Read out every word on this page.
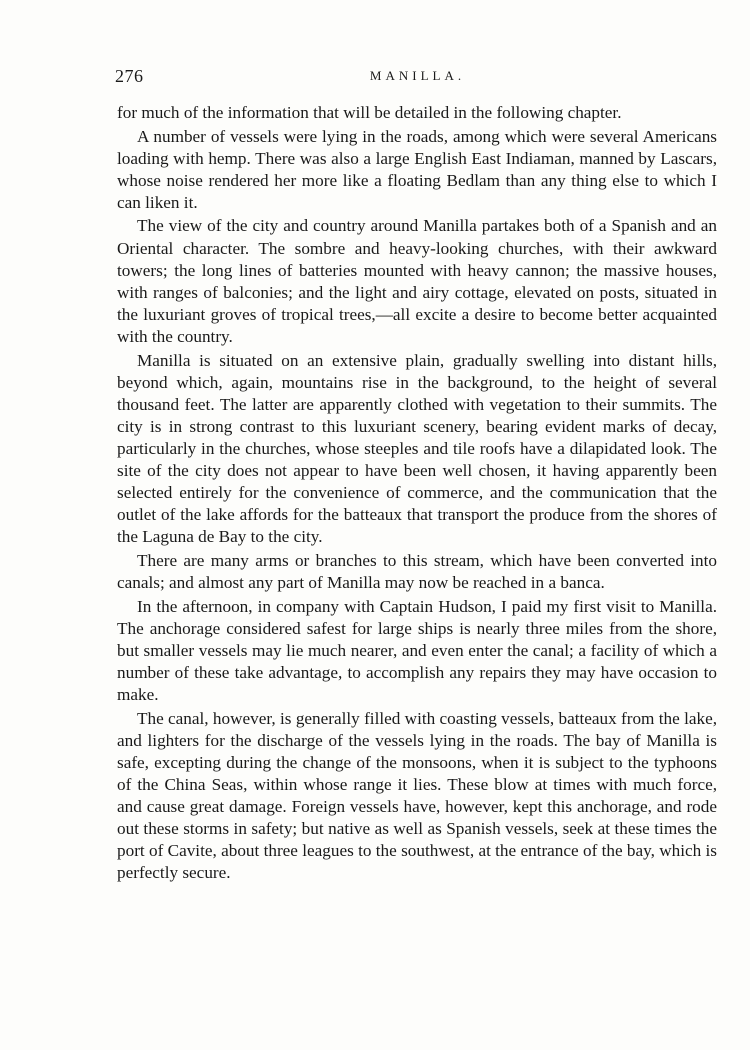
276	MANILLA.

for much of the information that will be detailed in the following chapter.

A number of vessels were lying in the roads, among which were several Americans loading with hemp. There was also a large English East Indiaman, manned by Lascars, whose noise rendered her more like a floating Bedlam than any thing else to which I can liken it.

The view of the city and country around Manilla partakes both of a Spanish and an Oriental character. The sombre and heavy-looking churches, with their awkward towers; the long lines of batteries mounted with heavy cannon; the massive houses, with ranges of balconies; and the light and airy cottage, elevated on posts, situated in the luxuriant groves of tropical trees,—all excite a desire to become better acquainted with the country.

Manilla is situated on an extensive plain, gradually swelling into distant hills, beyond which, again, mountains rise in the background, to the height of several thousand feet. The latter are apparently clothed with vegetation to their summits. The city is in strong contrast to this luxuriant scenery, bearing evident marks of decay, particularly in the churches, whose steeples and tile roofs have a dilapidated look. The site of the city does not appear to have been well chosen, it having apparently been selected entirely for the convenience of commerce, and the communication that the outlet of the lake affords for the batteaux that transport the produce from the shores of the Laguna de Bay to the city.

There are many arms or branches to this stream, which have been converted into canals; and almost any part of Manilla may now be reached in a banca.

In the afternoon, in company with Captain Hudson, I paid my first visit to Manilla. The anchorage considered safest for large ships is nearly three miles from the shore, but smaller vessels may lie much nearer, and even enter the canal; a facility of which a number of these take advantage, to accomplish any repairs they may have occasion to make.

The canal, however, is generally filled with coasting vessels, batteaux from the lake, and lighters for the discharge of the vessels lying in the roads. The bay of Manilla is safe, excepting during the change of the monsoons, when it is subject to the typhoons of the China Seas, within whose range it lies. These blow at times with much force, and cause great damage. Foreign vessels have, however, kept this anchorage, and rode out these storms in safety; but native as well as Spanish vessels, seek at these times the port of Cavite, about three leagues to the southwest, at the entrance of the bay, which is perfectly secure.
